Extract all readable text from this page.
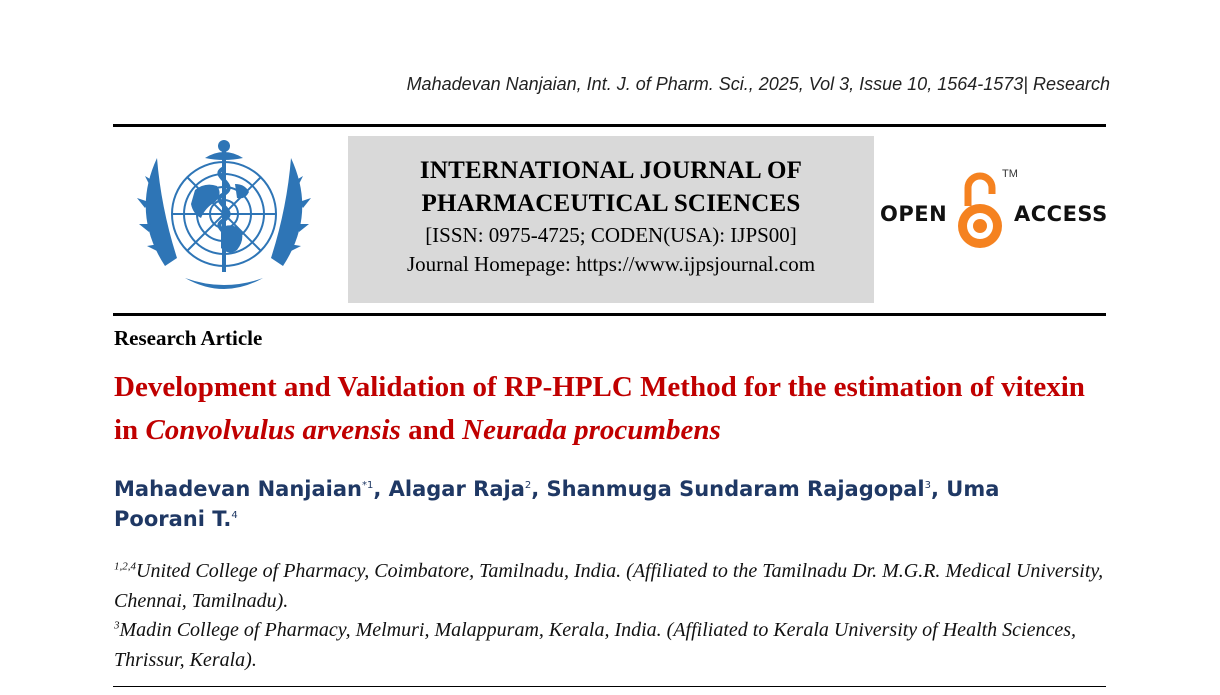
Mahadevan Nanjaian, Int. J. of Pharm. Sci., 2025, Vol 3, Issue 10, 1564-1573| Research
INTERNATIONAL JOURNAL OF
PHARMACEUTICAL SCIENCES
[ISSN: 0975-4725; CODEN(USA): IJPS00]
Journal Homepage: https://www.ijpsjournal.com
OPEN
TM
ACCESS
Research Article
Development and Validation of RP-HPLC Method for the estimation of vitexin in Convolvulus arvensis and Neurada procumbens
Mahadevan Nanjaian$^{*1}$, Alagar Raja$^2$, Shanmuga Sundaram Rajagopal$^3$, Uma Poorani T.$^4$
$^{1,2,4}$United College of Pharmacy, Coimbatore, Tamilnadu, India. (Affiliated to the Tamilnadu Dr. M.G.R. Medical University, Chennai, Tamilnadu).
$^3$Madin College of Pharmacy, Melmuri, Malappuram, Kerala, India. (Affiliated to Kerala University of Health Sciences, Thrissur, Kerala).
